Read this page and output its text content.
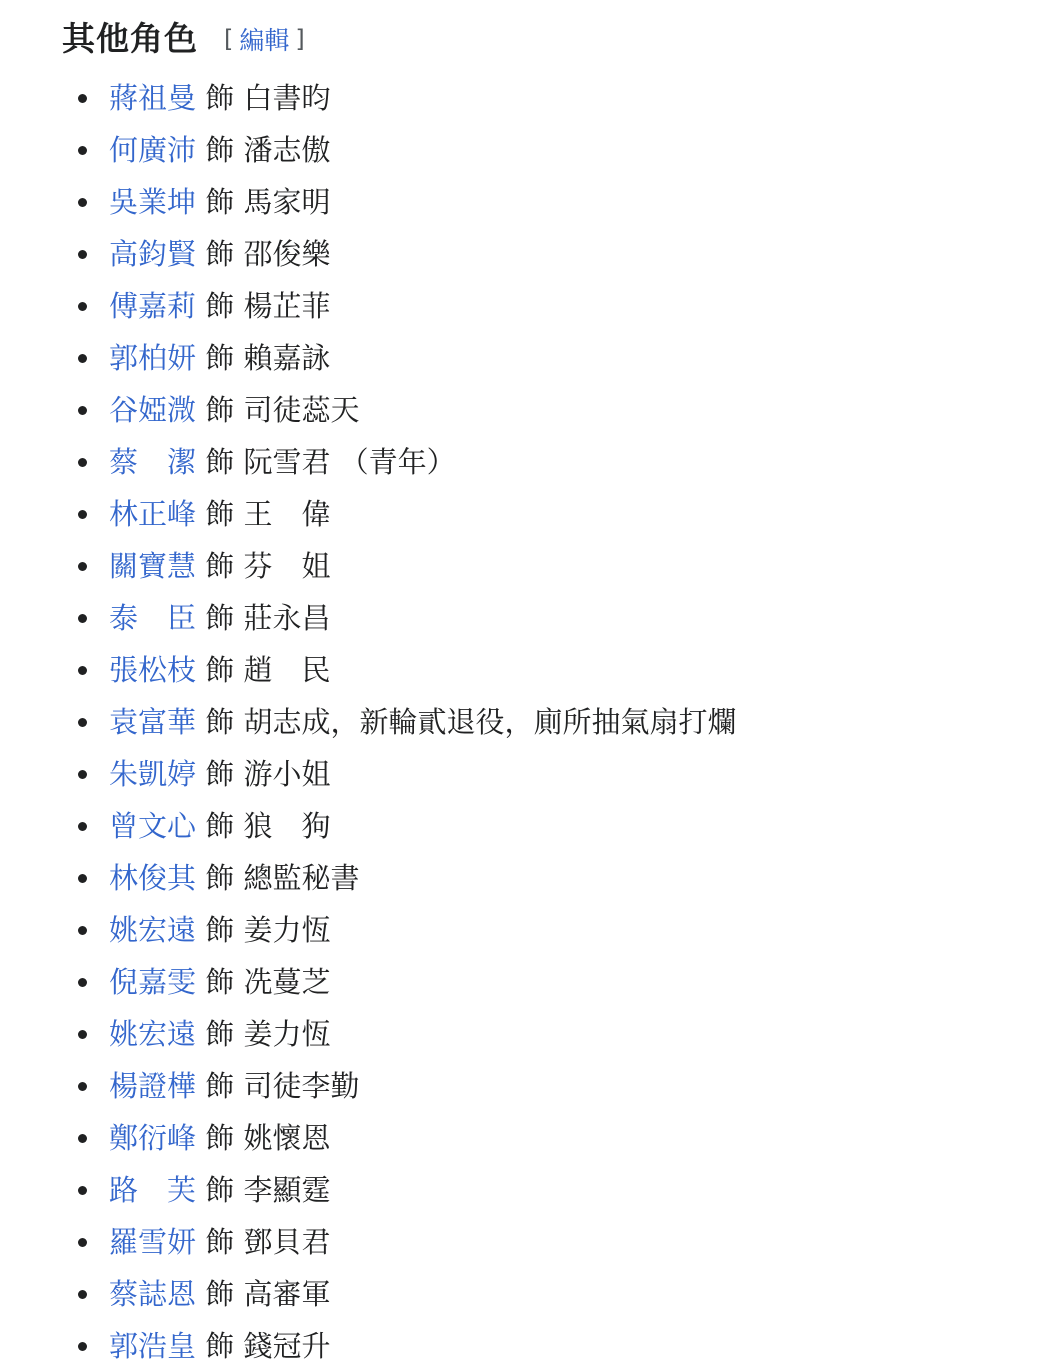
其他角色 [ 編輯 ]
蔣祖曼 飾 白書昀
何廣沛 飾 潘志傲
吳業坤 飾 馬家明
高鈞賢 飾 邵俊樂
傅嘉莉 飾 楊芷菲
郭柏妍 飾 賴嘉詠
谷婭溦 飾 司徒蕊天
蔡　潔 飾 阮雪君 （青年）
林正峰 飾 王　偉
關寶慧 飾 芬　姐
泰　臣 飾 莊永昌
張松枝 飾 趙　民
袁富華 飾 胡志成，新輪貳退役，廁所抽氣扇打爛
朱凱婷 飾 游小姐
曾文心 飾 狼　狗
林俊其 飾 總監秘書
姚宏遠 飾 姜力恆
倪嘉雯 飾 冼蔓芝
姚宏遠 飾 姜力恆
楊證樺 飾 司徒李勤
鄭衍峰 飾 姚懷恩
路　芙 飾 李顯霆
羅雪妍 飾 鄧貝君
蔡誌恩 飾 高審軍
郭浩皇 飾 錢冠升
